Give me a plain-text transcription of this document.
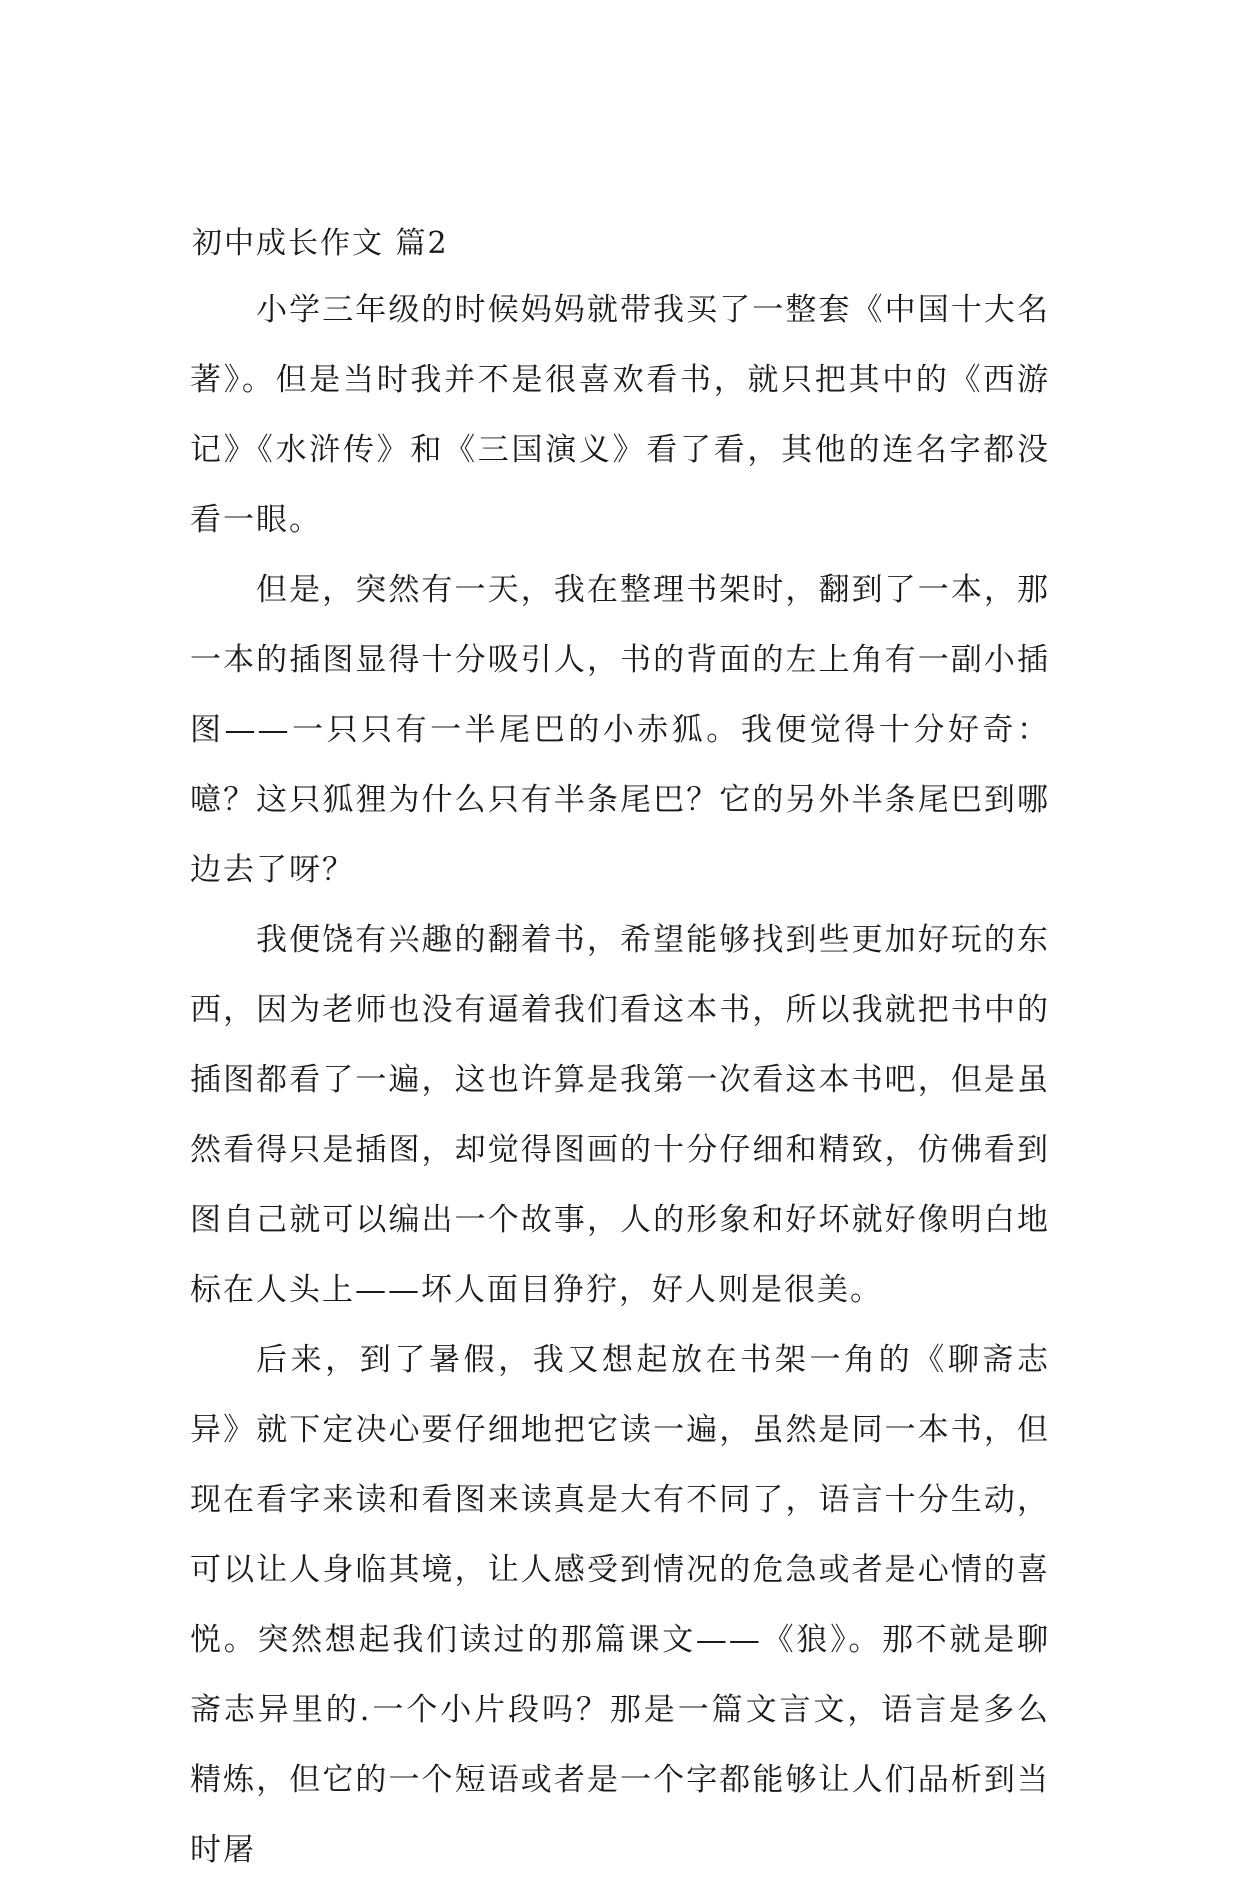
初中成长作文 篇2

小学三年级的时候妈妈就带我买了一整套《中国十大名著》。但是当时我并不是很喜欢看书，就只把其中的《西游记》《水浒传》和《三国演义》看了看，其他的连名字都没看一眼。

但是，突然有一天，我在整理书架时，翻到了一本，那一本的插图显得十分吸引人，书的背面的左上角有一副小插图——一只只有一半尾巴的小赤狐。我便觉得十分好奇：噫？这只狐狸为什么只有半条尾巴？它的另外半条尾巴到哪边去了呀？

我便饶有兴趣的翻着书，希望能够找到些更加好玩的东西，因为老师也没有逼着我们看这本书，所以我就把书中的插图都看了一遍，这也许算是我第一次看这本书吧，但是虽然看得只是插图，却觉得图画的十分仔细和精致，仿佛看到图自己就可以编出一个故事，人的形象和好坏就好像明白地标在人头上——坏人面目狰狞，好人则是很美。

后来，到了暑假，我又想起放在书架一角的《聊斋志异》就下定决心要仔细地把它读一遍，虽然是同一本书，但现在看字来读和看图来读真是大有不同了，语言十分生动，可以让人身临其境，让人感受到情况的危急或者是心情的喜悦。突然想起我们读过的那篇课文——《狼》。那不就是聊斋志异里的.一个小片段吗？那是一篇文言文，语言是多么精炼，但它的一个短语或者是一个字都能够让人们品析到当时屠
